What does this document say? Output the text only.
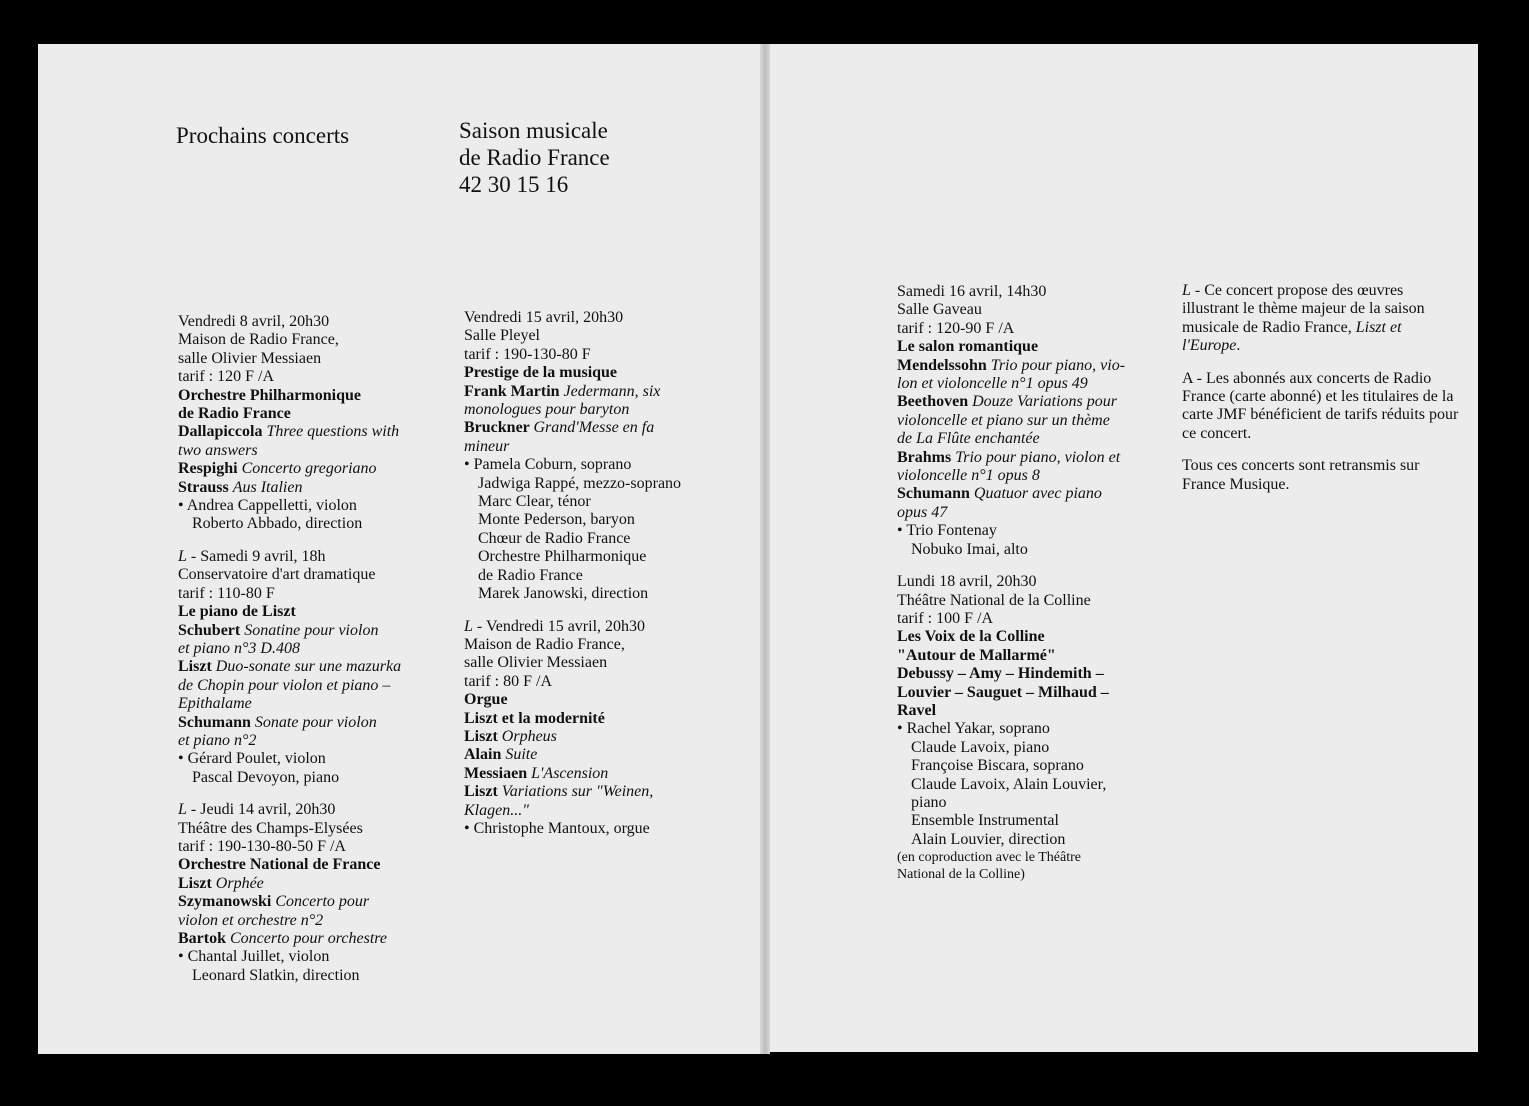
Prochains concerts	Saison musicale
de Radio France
42 30 15 16
Vendredi 8 avril, 20h30
Maison de Radio France,
salle Olivier Messiaen
tarif : 120 F /A
Orchestre Philharmonique
de Radio France
Dallapiccola Three questions with
two answers
Respighi Concerto gregoriano
Strauss Aus Italien
• Andrea Cappelletti, violon
Roberto Abbado, direction
L - Samedi 9 avril, 18h
Conservatoire d'art dramatique
tarif : 110-80 F
Le piano de Liszt
Schubert Sonatine pour violon
et piano n°3 D.408
Liszt Duo-sonate sur une mazurka
de Chopin pour violon et piano –
Epithalame
Schumann Sonate pour violon
et piano n°2
• Gérard Poulet, violon
Pascal Devoyon, piano
L - Jeudi 14 avril, 20h30
Théâtre des Champs-Elysées
tarif : 190-130-80-50 F /A
Orchestre National de France
Liszt Orphée
Szymanowski Concerto pour
violon et orchestre n°2
Bartok Concerto pour orchestre
• Chantal Juillet, violon
Leonard Slatkin, direction
Vendredi 15 avril, 20h30
Salle Pleyel
tarif : 190-130-80 F
Prestige de la musique
Frank Martin Jedermann, six
monologues pour baryton
Bruckner Grand'Messe en fa
mineur
• Pamela Coburn, soprano
Jadwiga Rappé, mezzo-soprano
Marc Clear, ténor
Monte Pederson, baryon
Chœur de Radio France
Orchestre Philharmonique
de Radio France
Marek Janowski, direction
L - Vendredi 15 avril, 20h30
Maison de Radio France,
salle Olivier Messiaen
tarif : 80 F /A
Orgue
Liszt et la modernité
Liszt Orpheus
Alain Suite
Messiaen L'Ascension
Liszt Variations sur "Weinen,
Klagen..."
• Christophe Mantoux, orgue
Samedi 16 avril, 14h30
Salle Gaveau
tarif : 120-90 F /A
Le salon romantique
Mendelssohn Trio pour piano, vio-
lon et violoncelle n°1 opus 49
Beethoven Douze Variations pour
violoncelle et piano sur un thème
de La Flûte enchantée
Brahms Trio pour piano, violon et
violoncelle n°1 opus 8
Schumann Quatuor avec piano
opus 47
• Trio Fontenay
Nobuko Imai, alto
Lundi 18 avril, 20h30
Théâtre National de la Colline
tarif : 100 F /A
Les Voix de la Colline
"Autour de Mallarmé"
Debussy – Amy – Hindemith –
Louvier – Sauguet – Milhaud –
Ravel
• Rachel Yakar, soprano
Claude Lavoix, piano
Françoise Biscara, soprano
Claude Lavoix, Alain Louvier,
piano
Ensemble Instrumental
Alain Louvier, direction
(en coproduction avec le Théâtre
National de la Colline)

L - Ce concert propose des œuvres illustrant le thème majeur de la saison musicale de Radio France, Liszt et l'Europe.

A - Les abonnés aux concerts de Radio France (carte abonné) et les titulaires de la carte JMF bénéficient de tarifs réduits pour ce concert.

Tous ces concerts sont retransmis sur France Musique.
